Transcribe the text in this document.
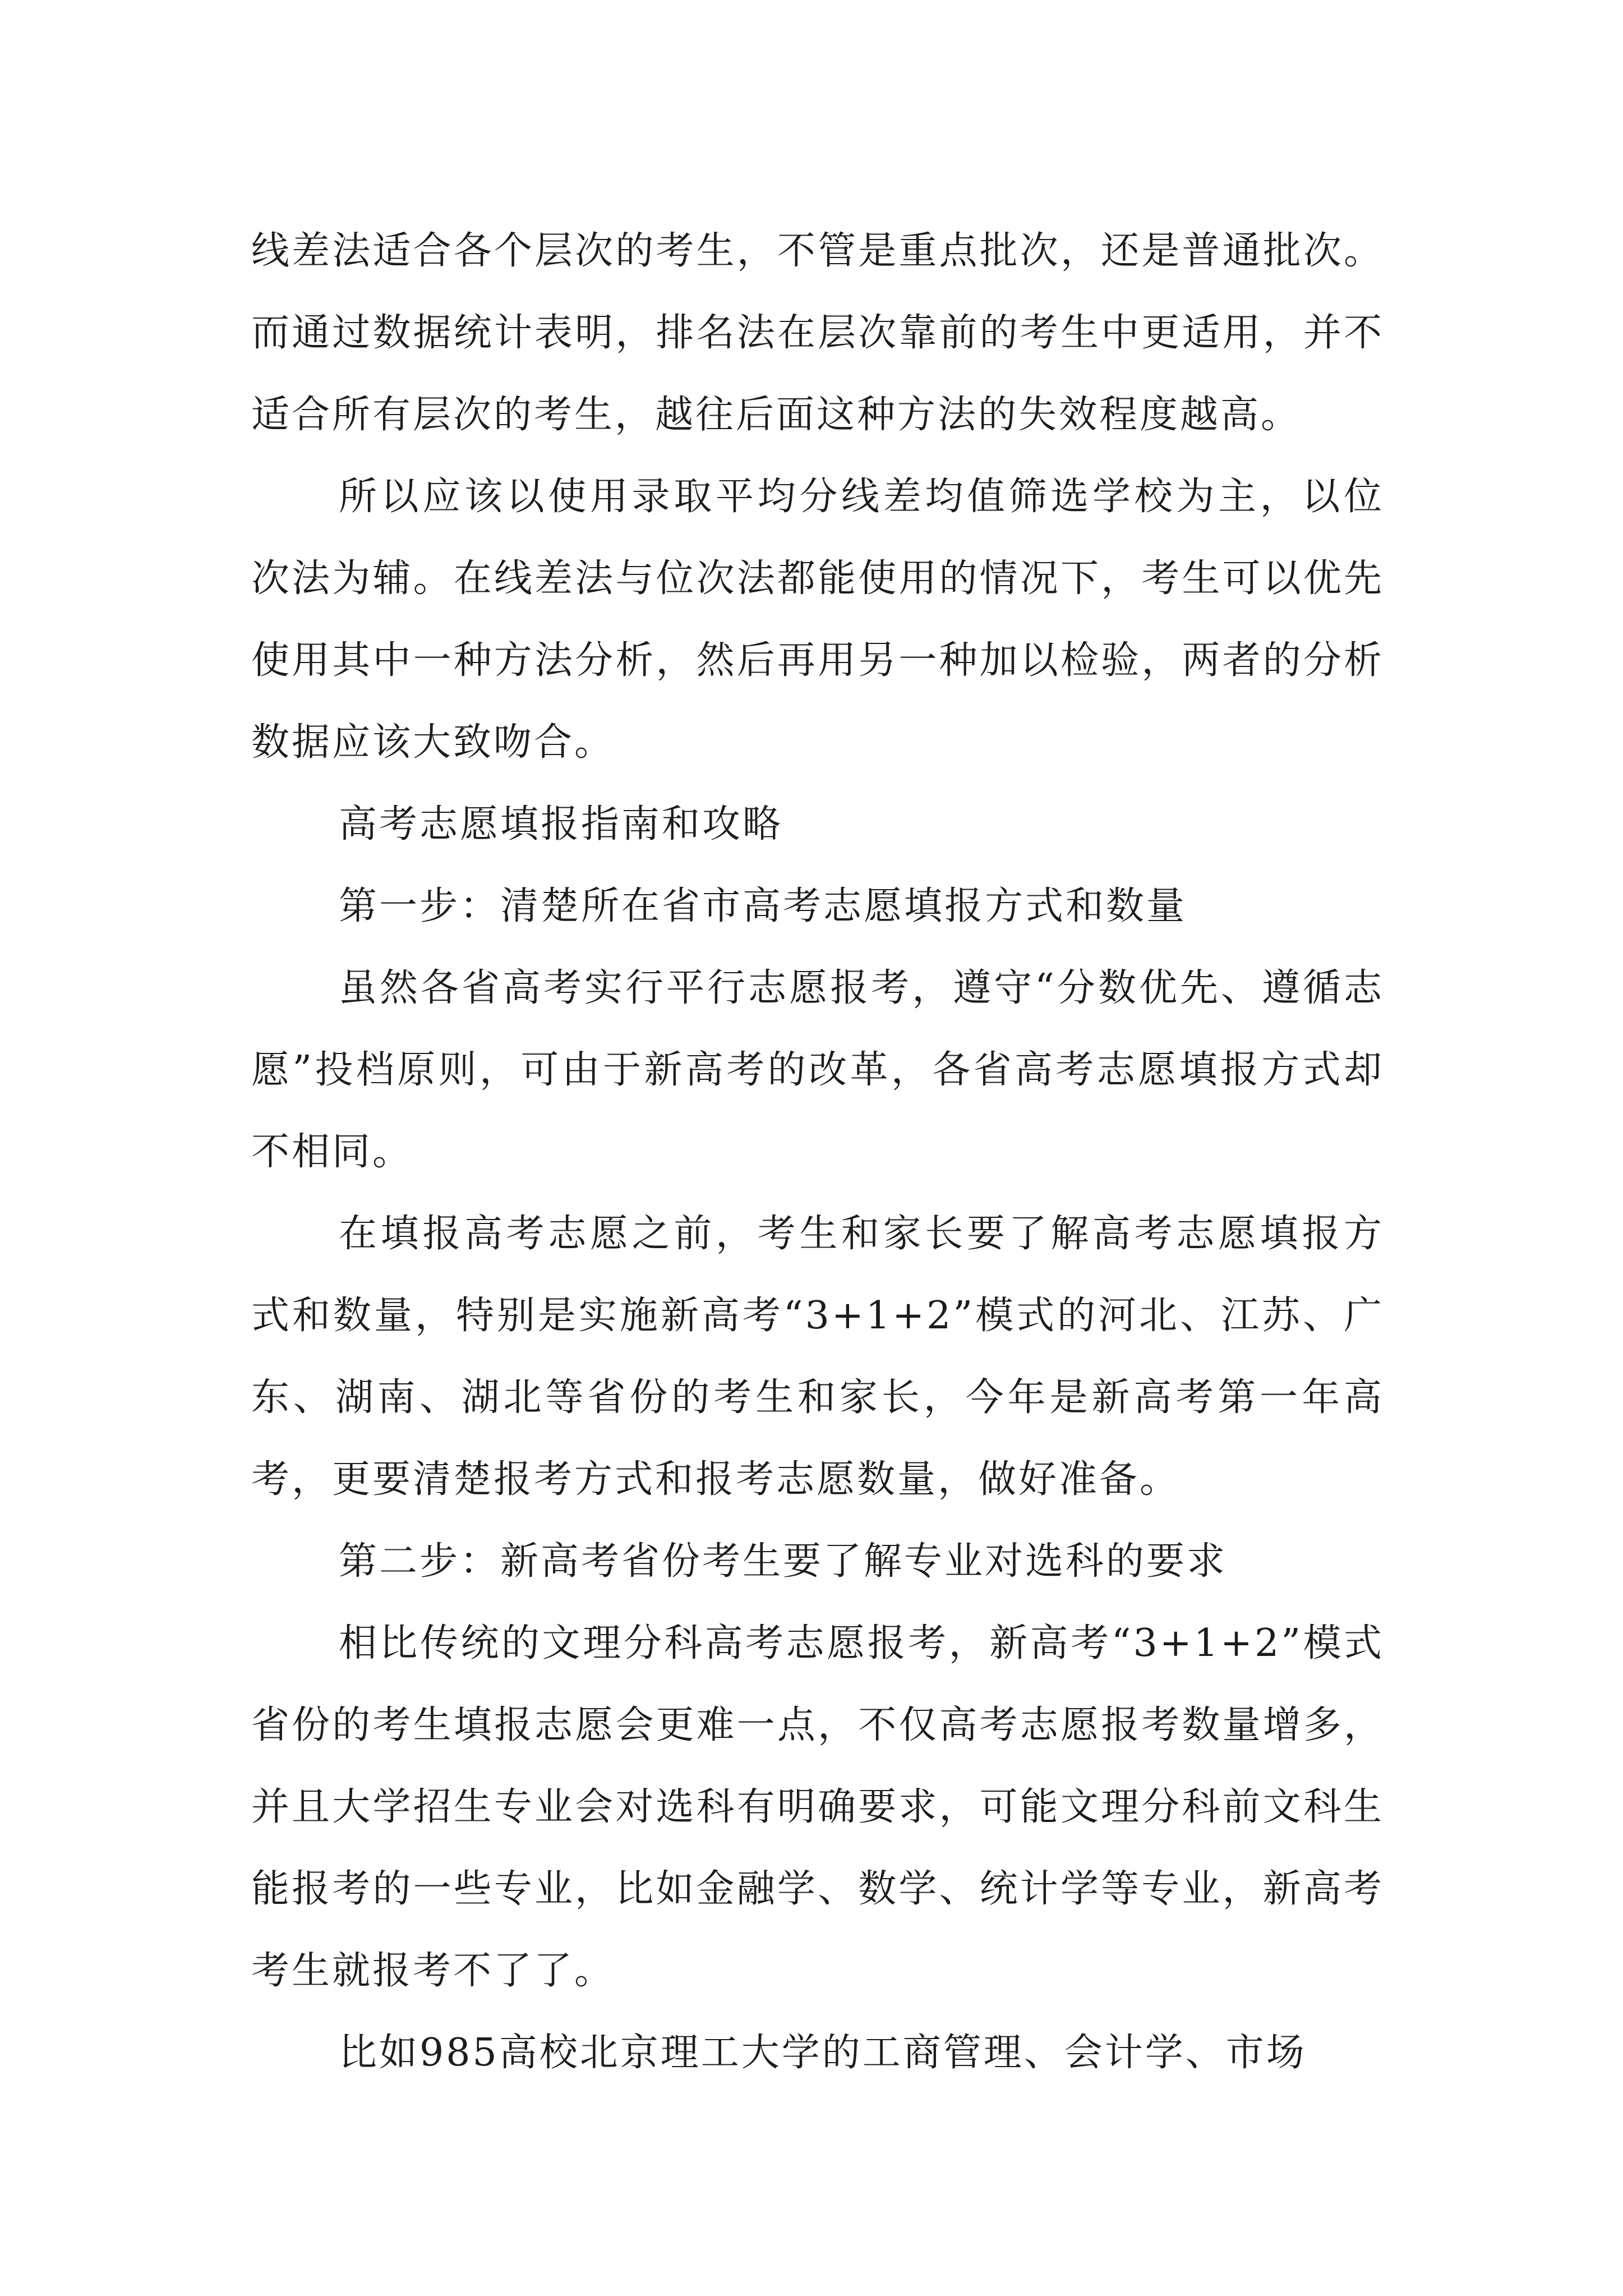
线差法适合各个层次的考生，不管是重点批次，还是普通批次。而通过数据统计表明，排名法在层次靠前的考生中更适用，并不适合所有层次的考生，越往后面这种方法的失效程度越高。

所以应该以使用录取平均分线差均值筛选学校为主，以位次法为辅。在线差法与位次法都能使用的情况下，考生可以优先使用其中一种方法分析，然后再用另一种加以检验，两者的分析数据应该大致吻合。

高考志愿填报指南和攻略

第一步：清楚所在省市高考志愿填报方式和数量

虽然各省高考实行平行志愿报考，遵守“分数优先、遵循志愿”投档原则，可由于新高考的改革，各省高考志愿填报方式却不相同。

在填报高考志愿之前，考生和家长要了解高考志愿填报方式和数量，特别是实施新高考“3+1+2”模式的河北、江苏、广东、湖南、湖北等省份的考生和家长，今年是新高考第一年高考，更要清楚报考方式和报考志愿数量，做好准备。

第二步：新高考省份考生要了解专业对选科的要求

相比传统的文理分科高考志愿报考，新高考“3+1+2”模式省份的考生填报志愿会更难一点，不仅高考志愿报考数量增多，并且大学招生专业会对选科有明确要求，可能文理分科前文科生能报考的一些专业，比如金融学、数学、统计学等专业，新高考考生就报考不了了。

比如985高校北京理工大学的工商管理、会计学、市场
